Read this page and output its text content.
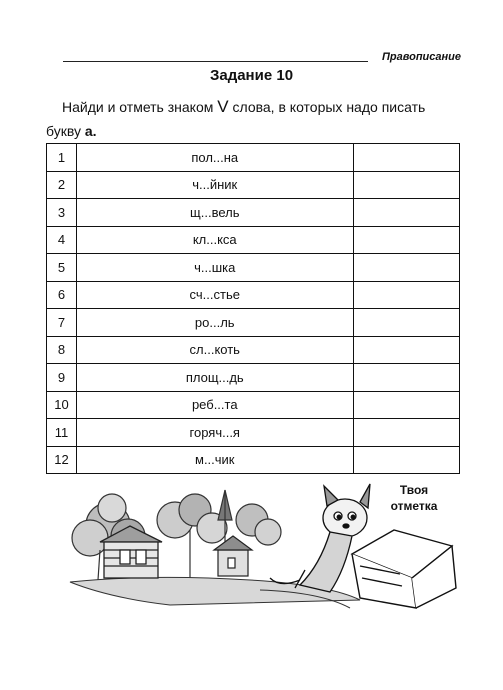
Правописание
Задание 10
Найди и отметь знаком V слова, в которых надо писать
букву а.
1	пол...на	
2	ч...йник	
3	щ...вель	
4	кл...кса	
5	ч...шка	
6	сч...стье	
7	ро...ль	
8	сл...коть	
9	площ...дь	
10	реб...та	
11	горяч...я	
12	м...чик	
Твоя
отметка
